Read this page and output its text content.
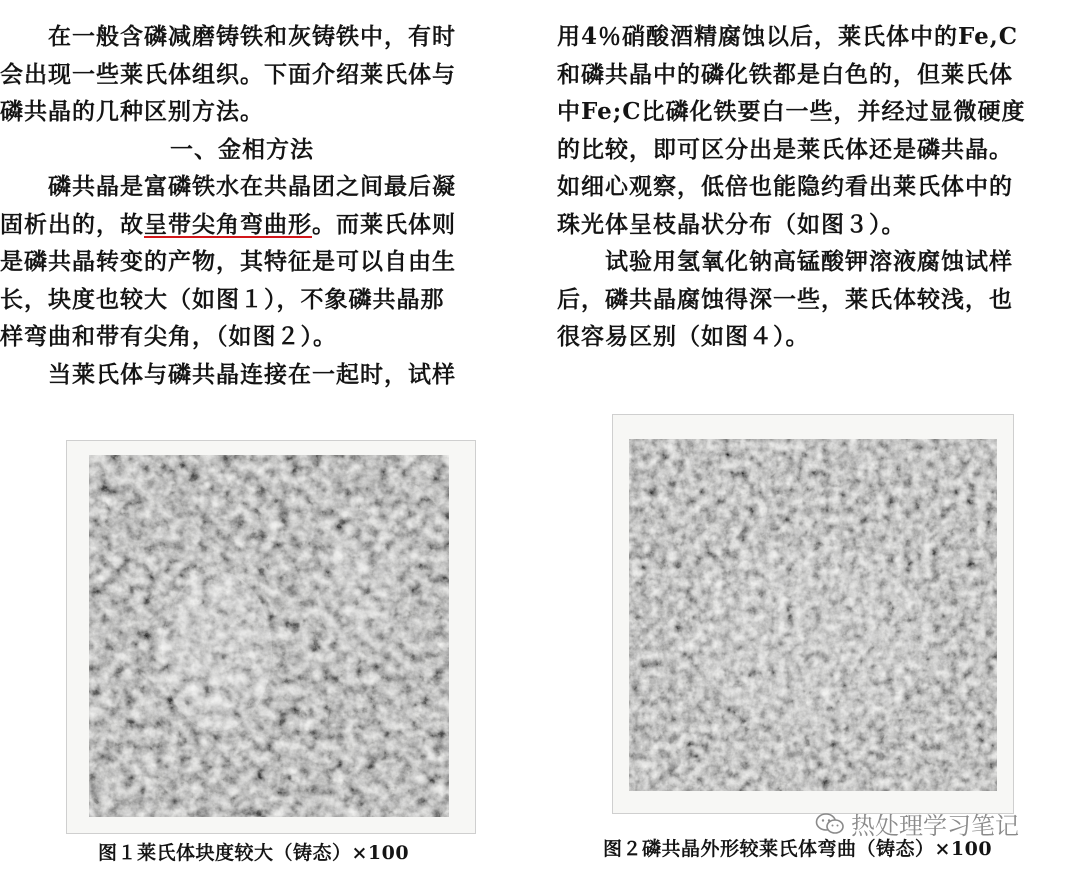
在一般含磷减磨铸铁和灰铸铁中，有时
会出现一些莱氏体组织。下面介绍莱氏体与
磷共晶的几种区别方法。
一、金相方法
磷共晶是富磷铁水在共晶团之间最后凝
固析出的，故呈带尖角弯曲形。而莱氏体则
是磷共晶转变的产物，其特征是可以自由生
长，块度也较大（如图１），不象磷共晶那
样弯曲和带有尖角，（如图２）。
当莱氏体与磷共晶连接在一起时，试样
用4％硝酸酒精腐蚀以后，莱氏体中的Fe,C
和磷共晶中的磷化铁都是白色的，但莱氏体
中Fe;C比磷化铁要白一些，并经过显微硬度
的比较，即可区分出是莱氏体还是磷共晶。
如细心观察，低倍也能隐约看出莱氏体中的
珠光体呈枝晶状分布（如图３）。
试验用氢氧化钠高锰酸钾溶液腐蚀试样
后，磷共晶腐蚀得深一些，莱氏体较浅，也
很容易区别（如图４）。
图１莱氏体块度较大（铸态）×100	图２磷共晶外形较莱氏体弯曲（铸态）×100
热处理学习笔记
